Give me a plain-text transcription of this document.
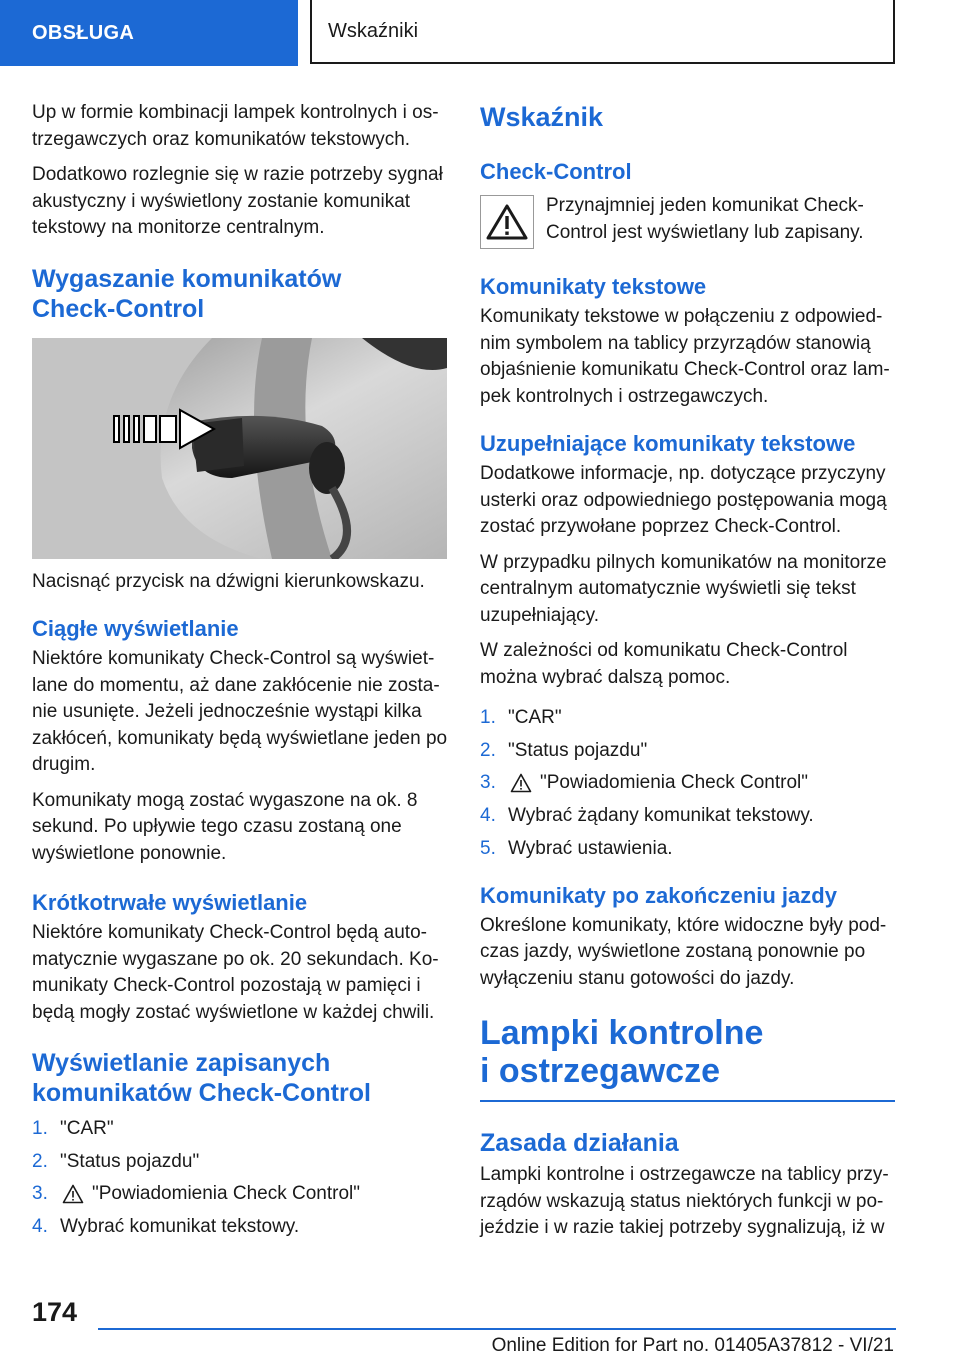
OBSŁUGA	Wskaźniki

Up w formie kombinacji lampek kontrolnych i os‐ trzegawczych oraz komunikatów tekstowych.

Dodatkowo rozlegnie się w razie potrzeby sygnał akustyczny i wyświetlony zostanie komunikat tekstowy na monitorze centralnym.

Wygaszanie komunikatów Check-Control

Nacisnąć przycisk na dźwigni kierunkowskazu.

Ciągłe wyświetlanie

Niektóre komunikaty Check-Control są wyświet‐ lane do momentu, aż dane zakłócenie nie zosta‐ nie usunięte. Jeżeli jednocześnie wystąpi kilka zakłóceń, komunikaty będą wyświetlane jeden po drugim.

Komunikaty mogą zostać wygaszone na ok. 8 sekund. Po upływie tego czasu zostaną one wyświetlone ponownie.

Krótkotrwałe wyświetlanie

Niektóre komunikaty Check-Control będą auto‐ matycznie wygaszane po ok. 20 sekundach. Ko‐ munikaty Check-Control pozostają w pamięci i będą mogły zostać wyświetlone w każdej chwili.

Wyświetlanie zapisanych komunikatów Check-Control
1. "CAR"
2. "Status pojazdu"
3.	"Powiadomienia Check Control"
4. Wybrać komunikat tekstowy.
Wskaźnik
Check-Control

Przynajmniej jeden komunikat Check- Control jest wyświetlany lub zapisany.

Komunikaty tekstowe

Komunikaty tekstowe w połączeniu z odpowied‐ nim symbolem na tablicy przyrządów stanowią objaśnienie komunikatu Check-Control oraz lam‐ pek kontrolnych i ostrzegawczych.

Uzupełniające komunikaty tekstowe

Dodatkowe informacje, np. dotyczące przyczyny usterki oraz odpowiedniego postępowania mogą zostać przywołane poprzez Check-Control.

W przypadku pilnych komunikatów na monitorze centralnym automatycznie wyświetli się tekst uzupełniający.

W zależności od komunikatu Check-Control można wybrać dalszą pomoc.

1. "CAR"
2. "Status pojazdu"
3.	"Powiadomienia Check Control"
4. Wybrać żądany komunikat tekstowy.
5. Wybrać ustawienia.
Komunikaty po zakończeniu jazdy

Określone komunikaty, które widoczne były pod‐ czas jazdy, wyświetlone zostaną ponownie po wyłączeniu stanu gotowości do jazdy.

Lampki kontrolne i ostrzegawcze
Zasada działania

Lampki kontrolne i ostrzegawcze na tablicy przy‐ rządów wskazują status niektórych funkcji w po‐ jeździe i w razie takiej potrzeby sygnalizują, iż w

174
Online Edition for Part no. 01405A37812 - VI/21
